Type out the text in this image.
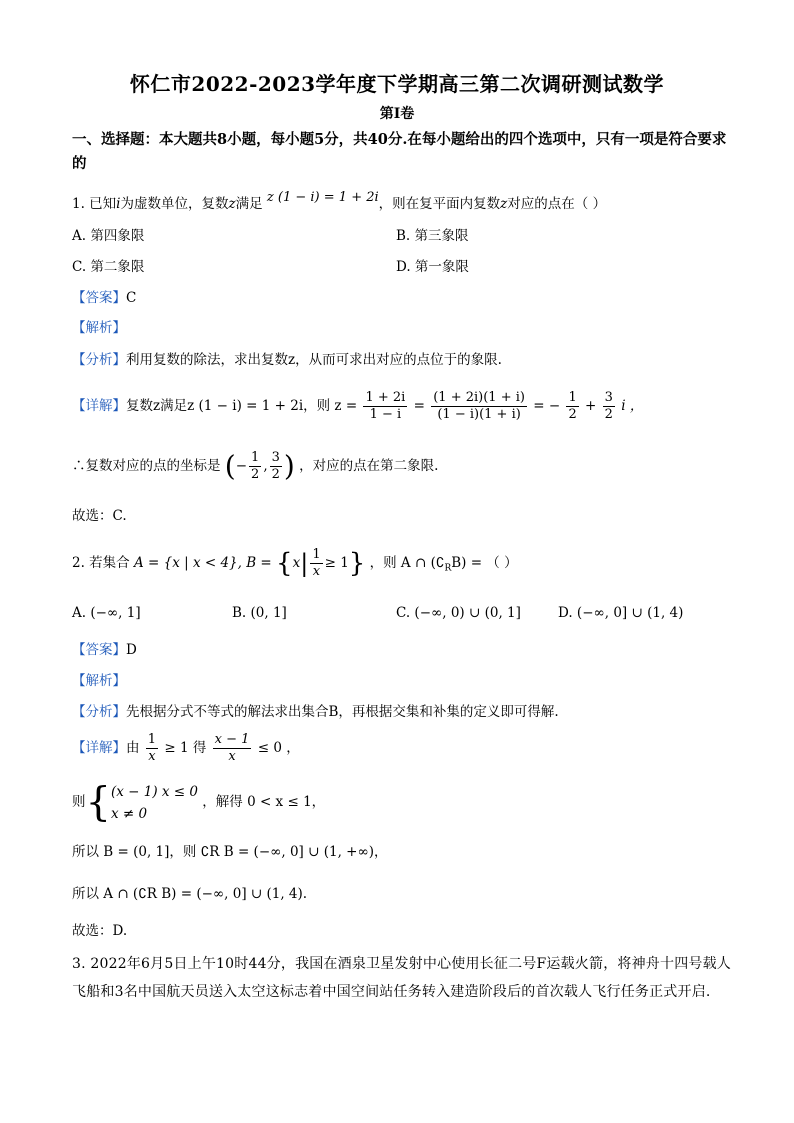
怀仁市2022-2023学年度下学期高三第二次调研测试数学
第I卷
一、选择题：本大题共8小题，每小题5分，共40分.在每小题给出的四个选项中，只有一项是符合要求的
1. 已知i为虚数单位，复数z满足 z (1 − i) = 1 + 2i，则在复平面内复数z对应的点在（ ）
A. 第四象限	B. 第三象限
C. 第二象限	D. 第一象限
【答案】C
【解析】
【分析】利用复数的除法，求出复数z，从而可求出对应的点位于的象限.
【详解】复数z满足z (1 − i) = 1 + 2i，则 $z = \frac{1 + 2i}{1 - i} = \frac{(1 + 2i)(1 + i)}{(1 - i)(1 + i)}$ = − $\frac{1}{2} + \frac{3}{2}$ i ，
∴复数对应的点的坐标是 (− $\frac{1}{2}$ , $\frac{3}{2}$ ) ，对应的点在第二象限.
故选：C.
2. 若集合 A = {x | x < 4}, $B = \{x| \frac{1}{x} \ge 1\}$ ，则 A ∩ $(∁_RB)$ = （ ）
A. (−∞, 1]	B. (0, 1]	C. (−∞, 0) ∪ (0, 1]	D. (−∞, 0] ∪ (1, 4)
【答案】D
【解析】
【分析】先根据分式不等式的解法求出集合B，再根据交集和补集的定义即可得解.
【详解】由 $\frac{1}{x} \ge 1$ 得 $\frac{x - 1}{x} \le 0$ ，
则{ (x − 1) x ≤ 0
x ≠ 0
，解得 0 < x ≤ 1，
所以 B = (0, 1]，则 ∁R B = (−∞, 0] ∪ (1, +∞)，
所以 A ∩ (∁R B) = (−∞, 0] ∪ (1, 4).
故选：D.
3. 2022年6月5日上午10时44分，我国在酒泉卫星发射中心使用长征二号F运载火箭，将神舟十四号载人飞船和3名中国航天员送入太空这标志着中国空间站任务转入建造阶段后的首次载人飞行任务正式开启.
